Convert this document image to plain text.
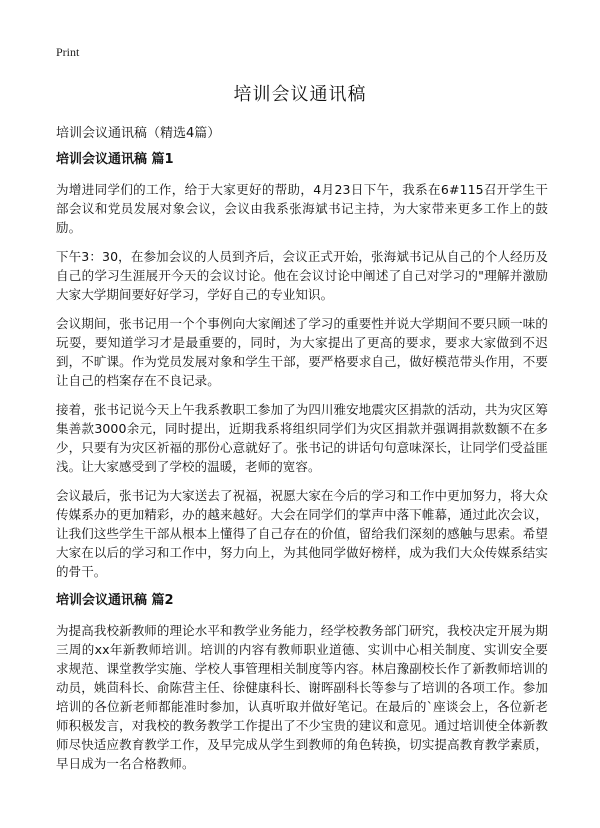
Print
培训会议通讯稿

培训会议通讯稿（精选4篇）

培训会议通讯稿 篇1

为增进同学们的工作，给于大家更好的帮助，4月23日下午，我系在6#115召开学生干部会议和党员发展对象会议，会议由我系张海斌书记主持，为大家带来更多工作上的鼓励。

下午3：30，在参加会议的人员到齐后，会议正式开始，张海斌书记从自己的个人经历及自己的学习生涯展开今天的会议讨论。他在会议讨论中阐述了自己对学习的"理解并激励大家大学期间要好好学习，学好自己的专业知识。

会议期间，张书记用一个个事例向大家阐述了学习的重要性并说大学期间不要只顾一味的玩耍，要知道学习才是最重要的，同时，为大家提出了更高的要求，要求大家做到不迟到，不旷课。作为党员发展对象和学生干部，要严格要求自己，做好模范带头作用，不要让自己的档案存在不良记录。

接着，张书记说今天上午我系教职工参加了为四川雅安地震灾区捐款的活动，共为灾区筹集善款3000余元，同时提出，近期我系将组织同学们为灾区捐款并强调捐款数额不在多少，只要有为灾区祈福的那份心意就好了。张书记的讲话句句意味深长，让同学们受益匪浅。让大家感受到了学校的温暖，老师的宽容。

会议最后，张书记为大家送去了祝福，祝愿大家在今后的学习和工作中更加努力，将大众传媒系办的更加精彩，办的越来越好。大会在同学们的掌声中落下帷幕，通过此次会议，让我们这些学生干部从根本上懂得了自己存在的价值，留给我们深刻的感触与思索。希望大家在以后的学习和工作中，努力向上，为其他同学做好榜样，成为我们大众传媒系结实的骨干。

培训会议通讯稿 篇2

为提高我校新教师的理论水平和教学业务能力，经学校教务部门研究，我校决定开展为期三周的xx年新教师培训。培训的内容有教师职业道德、实训中心相关制度、实训安全要求规范、课堂教学实施、学校人事管理相关制度等内容。林启豫副校长作了新教师培训的动员，姚茴科长、俞陈营主任、徐健康科长、谢晖副科长等参与了培训的各项工作。参加培训的各位新老师都能准时参加，认真听取并做好笔记。在最后的`座谈会上，各位新老师积极发言，对我校的教务教学工作提出了不少宝贵的建议和意见。通过培训使全体新教师尽快适应教育教学工作，及早完成从学生到教师的角色转换，切实提高教育教学素质，早日成为一名合格教师。
